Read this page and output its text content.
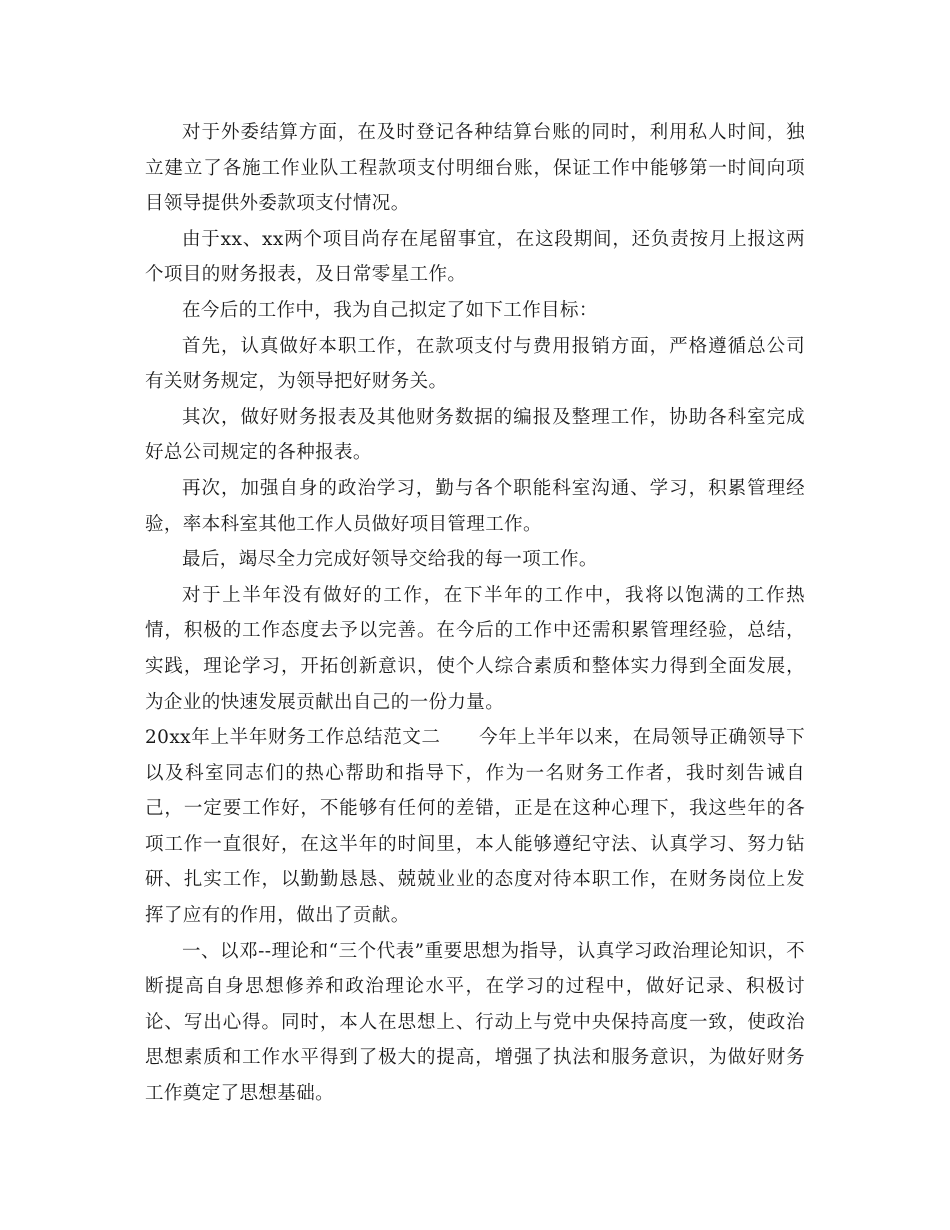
对于外委结算方面，在及时登记各种结算台账的同时，利用私人时间，独立建立了各施工作业队工程款项支付明细台账，保证工作中能够第一时间向项目领导提供外委款项支付情况。

由于xx、xx两个项目尚存在尾留事宜，在这段期间，还负责按月上报这两个项目的财务报表，及日常零星工作。

在今后的工作中，我为自己拟定了如下工作目标：

首先，认真做好本职工作，在款项支付与费用报销方面，严格遵循总公司有关财务规定，为领导把好财务关。

其次，做好财务报表及其他财务数据的编报及整理工作，协助各科室完成好总公司规定的各种报表。

再次，加强自身的政治学习，勤与各个职能科室沟通、学习，积累管理经验，率本科室其他工作人员做好项目管理工作。

最后，竭尽全力完成好领导交给我的每一项工作。

对于上半年没有做好的工作，在下半年的工作中，我将以饱满的工作热情，积极的工作态度去予以完善。在今后的工作中还需积累管理经验，总结，实践，理论学习，开拓创新意识，使个人综合素质和整体实力得到全面发展，为企业的快速发展贡献出自己的一份力量。

20xx年上半年财务工作总结范文二　　今年上半年以来，在局领导正确领导下以及科室同志们的热心帮助和指导下，作为一名财务工作者，我时刻告诫自己，一定要工作好，不能够有任何的差错，正是在这种心理下，我这些年的各项工作一直很好，在这半年的时间里，本人能够遵纪守法、认真学习、努力钻研、扎实工作，以勤勤恳恳、兢兢业业的态度对待本职工作，在财务岗位上发挥了应有的作用，做出了贡献。

一、以邓--理论和“三个代表”重要思想为指导，认真学习政治理论知识，不断提高自身思想修养和政治理论水平，在学习的过程中，做好记录、积极讨论、写出心得。同时，本人在思想上、行动上与党中央保持高度一致，使政治思想素质和工作水平得到了极大的提高，增强了执法和服务意识，为做好财务工作奠定了思想基础。
